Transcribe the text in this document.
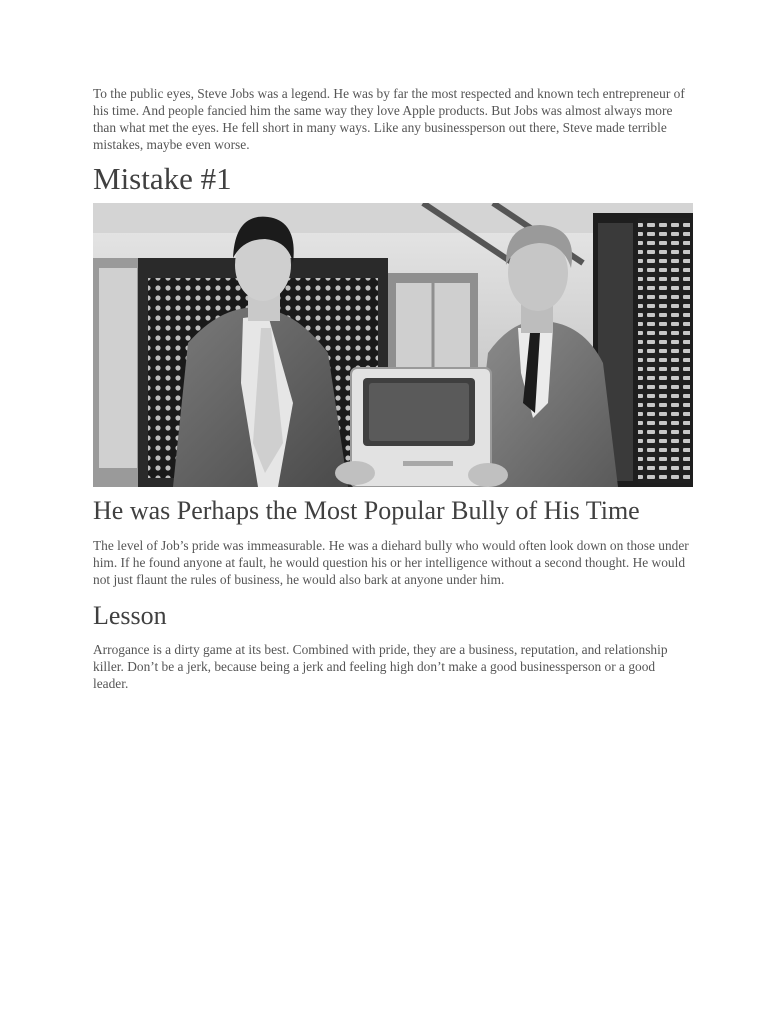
To the public eyes, Steve Jobs was a legend. He was by far the most respected and known tech entrepreneur of his time. And people fancied him the same way they love Apple products. But Jobs was almost always more than what met the eyes. He fell short in many ways. Like any businessperson out there, Steve made terrible mistakes, maybe even worse.

Mistake #1
He was Perhaps the Most Popular Bully of His Time

The level of Job’s pride was immeasurable. He was a diehard bully who would often look down on those under him. If he found anyone at fault, he would question his or her intelligence without a second thought. He would not just flaunt the rules of business, he would also bark at anyone under him.

Lesson

Arrogance is a dirty game at its best. Combined with pride, they are a business, reputation, and relationship killer. Don’t be a jerk, because being a jerk and feeling high don’t make a good businessperson or a good leader.
